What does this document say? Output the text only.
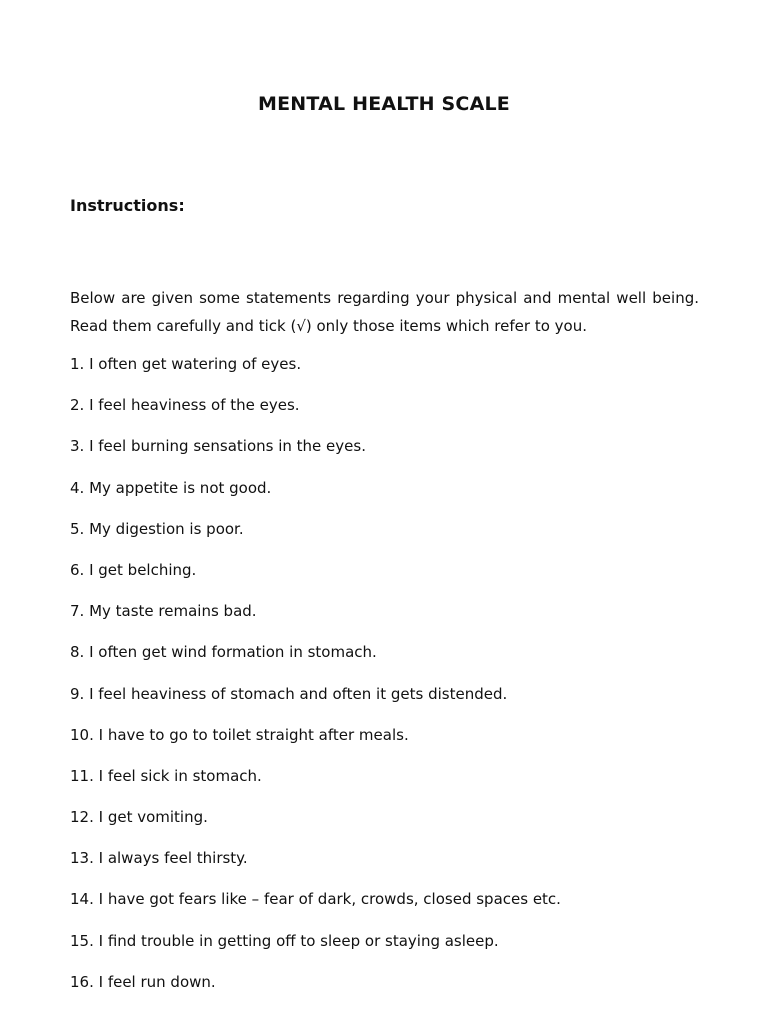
MENTAL HEALTH SCALE
Instructions:
Below are given some statements regarding your physical and mental well being. Read them carefully and tick (√) only those items which refer to you.
1. I often get watering of eyes.
2. I feel heaviness of the eyes.
3. I feel burning sensations in the eyes.
4. My appetite is not good.
5. My digestion is poor.
6. I get belching.
7. My taste remains bad.
8. I often get wind formation in stomach.
9. I feel heaviness of stomach and often it gets distended.
10. I have to go to toilet straight after meals.
11. I feel sick in stomach.
12. I get vomiting.
13. I always feel thirsty.
14. I have got fears like – fear of dark, crowds, closed spaces etc.
15. I find trouble in getting off to sleep or staying asleep.
16. I feel run down.
